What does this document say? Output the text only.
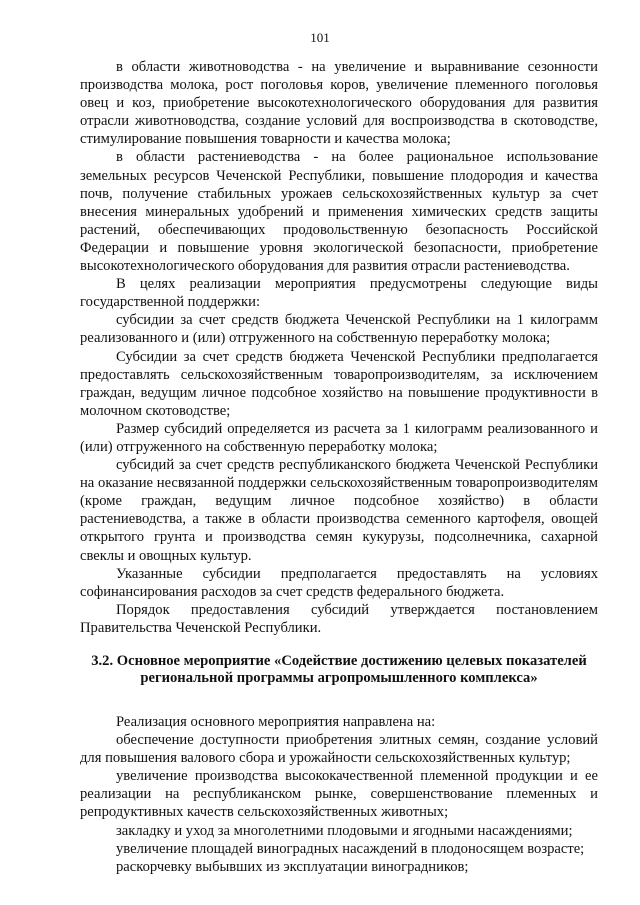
101

в области животноводства - на увеличение и выравнивание сезонности производства молока, рост поголовья коров, увеличение племенного поголовья овец и коз, приобретение высокотехнологического оборудования для развития отрасли животноводства, создание условий для воспроизводства в скотоводстве, стимулирование повышения товарности и качества молока;

в области растениеводства - на более рациональное использование земельных ресурсов Чеченской Республики, повышение плодородия и качества почв, получение стабильных урожаев сельскохозяйственных культур за счет внесения минеральных удобрений и применения химических средств защиты растений, обеспечивающих продовольственную безопасность Российской Федерации и повышение уровня экологической безопасности, приобретение высокотехнологического оборудования для развития отрасли растениеводства.

В целях реализации мероприятия предусмотрены следующие виды государственной поддержки:

субсидии за счет средств бюджета Чеченской Республики на 1 килограмм реализованного и (или) отгруженного на собственную переработку молока;

Субсидии за счет средств бюджета Чеченской Республики предполагается предоставлять сельскохозяйственным товаропроизводителям, за исключением граждан, ведущим личное подсобное хозяйство на повышение продуктивности в молочном скотоводстве;

Размер субсидий определяется из расчета за 1 килограмм реализованного и (или) отгруженного на собственную переработку молока;

субсидий за счет средств республиканского бюджета Чеченской Республики на оказание несвязанной поддержки сельскохозяйственным товаропроизводителям (кроме граждан, ведущим личное подсобное хозяйство) в области растениеводства, а также в области производства семенного картофеля, овощей открытого грунта и производства семян кукурузы, подсолнечника, сахарной свеклы и овощных культур.

Указанные субсидии предполагается предоставлять на условиях софинансирования расходов за счет средств федерального бюджета.

Порядок предоставления субсидий утверждается постановлением Правительства Чеченской Республики.

3.2. Основное мероприятие «Содействие достижению целевых показателей
региональной программы агропромышленного комплекса»

Реализация основного мероприятия направлена на:

обеспечение доступности приобретения элитных семян, создание условий для повышения валового сбора и урожайности сельскохозяйственных культур;

увеличение производства высококачественной племенной продукции и ее реализации на республиканском рынке, совершенствование племенных и репродуктивных качеств сельскохозяйственных животных;

закладку и уход за многолетними плодовыми и ягодными насаждениями;

увеличение площадей виноградных насаждений в плодоносящем возрасте;

раскорчевку выбывших из эксплуатации виноградников;
